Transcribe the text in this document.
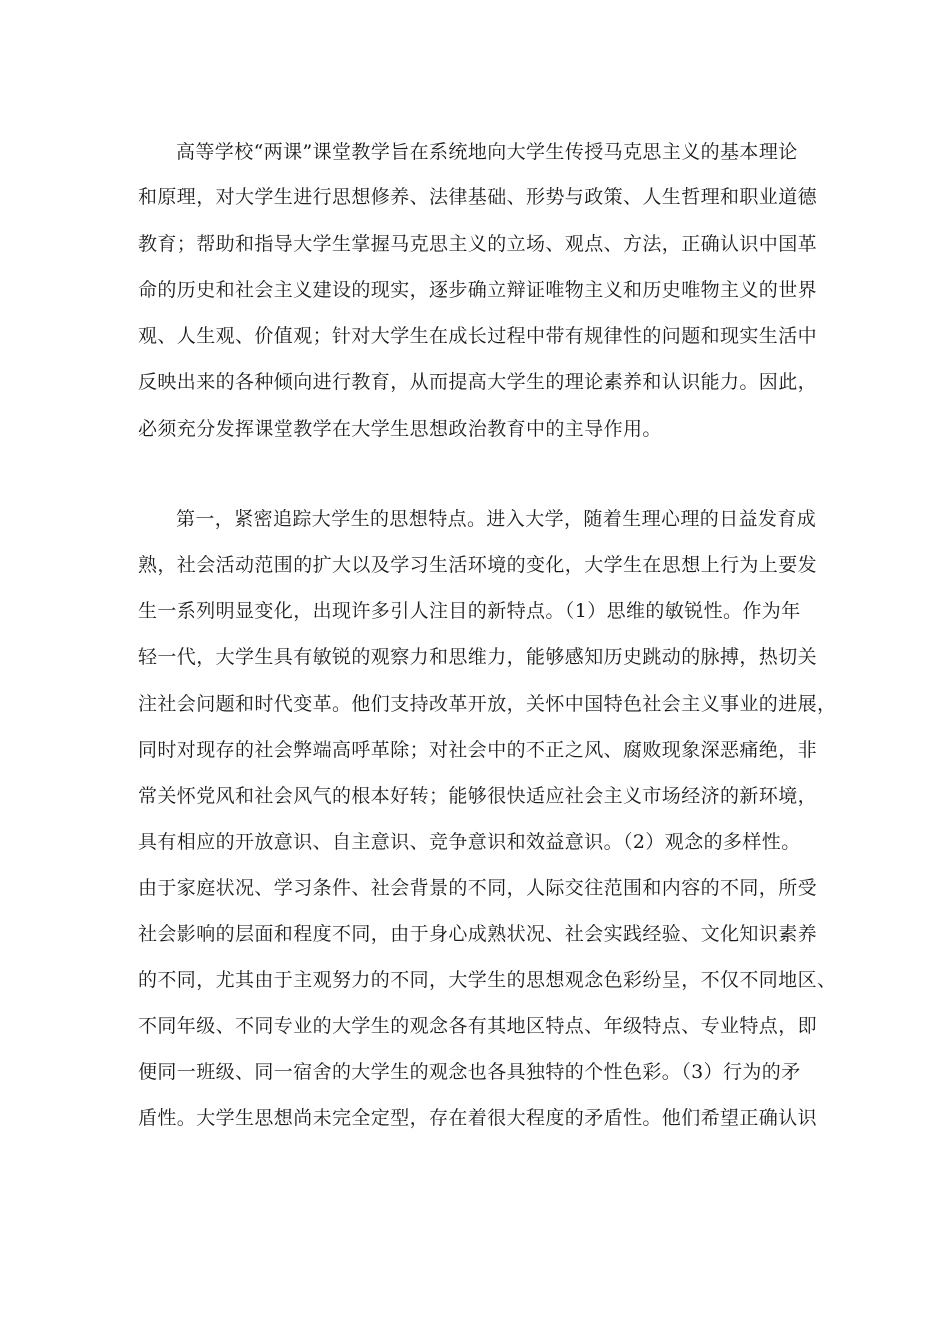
高等学校“两课”课堂教学旨在系统地向大学生传授马克思主义的基本理论
和原理，对大学生进行思想修养、法律基础、形势与政策、人生哲理和职业道德
教育；帮助和指导大学生掌握马克思主义的立场、观点、方法，正确认识中国革
命的历史和社会主义建设的现实，逐步确立辩证唯物主义和历史唯物主义的世界
观、人生观、价值观；针对大学生在成长过程中带有规律性的问题和现实生活中
反映出来的各种倾向进行教育，从而提高大学生的理论素养和认识能力。因此，
必须充分发挥课堂教学在大学生思想政治教育中的主导作用。
第一，紧密追踪大学生的思想特点。进入大学，随着生理心理的日益发育成
熟，社会活动范围的扩大以及学习生活环境的变化，大学生在思想上行为上要发
生一系列明显变化，出现许多引人注目的新特点。（1）思维的敏锐性。作为年
轻一代，大学生具有敏锐的观察力和思维力，能够感知历史跳动的脉搏，热切关
注社会问题和时代变革。他们支持改革开放，关怀中国特色社会主义事业的进展，
同时对现存的社会弊端高呼革除；对社会中的不正之风、腐败现象深恶痛绝，非
常关怀党风和社会风气的根本好转；能够很快适应社会主义市场经济的新环境，
具有相应的开放意识、自主意识、竞争意识和效益意识。（2）观念的多样性。
由于家庭状况、学习条件、社会背景的不同，人际交往范围和内容的不同，所受
社会影响的层面和程度不同，由于身心成熟状况、社会实践经验、文化知识素养
的不同，尤其由于主观努力的不同，大学生的思想观念色彩纷呈，不仅不同地区、
不同年级、不同专业的大学生的观念各有其地区特点、年级特点、专业特点，即
便同一班级、同一宿舍的大学生的观念也各具独特的个性色彩。（3）行为的矛
盾性。大学生思想尚未完全定型，存在着很大程度的矛盾性。他们希望正确认识
